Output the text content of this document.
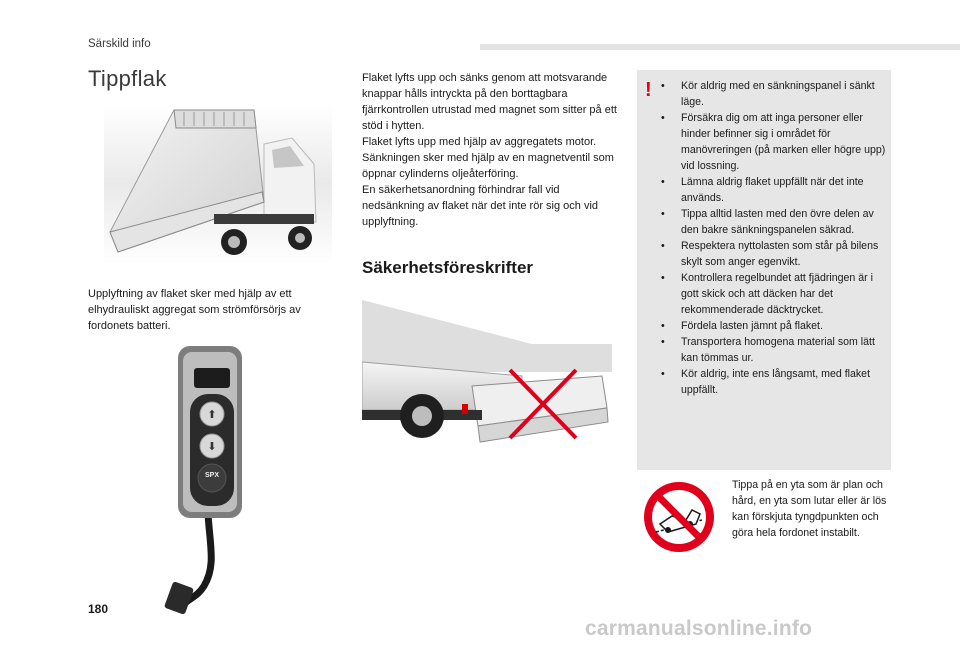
Särskild info
Tippflak
Upplyftning av flaket sker med hjälp av ett elhydrauliskt aggregat som strömförsörjs av fordonets batteri.
SPX
⬆
⬇

Flaket lyfts upp och sänks genom att motsvarande knappar hålls intryckta på den borttagbara fjärrkontrollen utrustad med magnet som sitter på ett stöd i hytten.

Flaket lyfts upp med hjälp av aggregatets motor.

Sänkningen sker med hjälp av en magnetventil som öppnar cylinderns oljeåterföring.

En säkerhetsanordning förhindrar fall vid nedsänkning av flaket när det inte rör sig och vid upplyftning.

Säkerhetsföreskrifter
!
•	Kör aldrig med en sänkningspanel i sänkt läge.
• Försäkra dig om att inga personer eller hinder befinner sig i området för manövreringen (på marken eller högre upp) vid lossning.
• Lämna aldrig flaket uppfällt när det inte används.
• Tippa alltid lasten med den övre delen av den bakre sänkningspanelen säkrad.
• Respektera nyttolasten som står på bilens skylt som anger egenvikt.
• Kontrollera regelbundet att fjädringen är i gott skick och att däcken har det rekommenderade däcktrycket.
• Fördela lasten jämnt på flaket.
• Transportera homogena material som lätt kan tömmas ur.
• Kör aldrig, inte ens långsamt, med flaket uppfällt.
Tippa på en yta som är plan och hård, en yta som lutar eller är lös kan förskjuta tyngdpunkten och göra hela fordonet instabilt.
180
carmanualsonline.info
